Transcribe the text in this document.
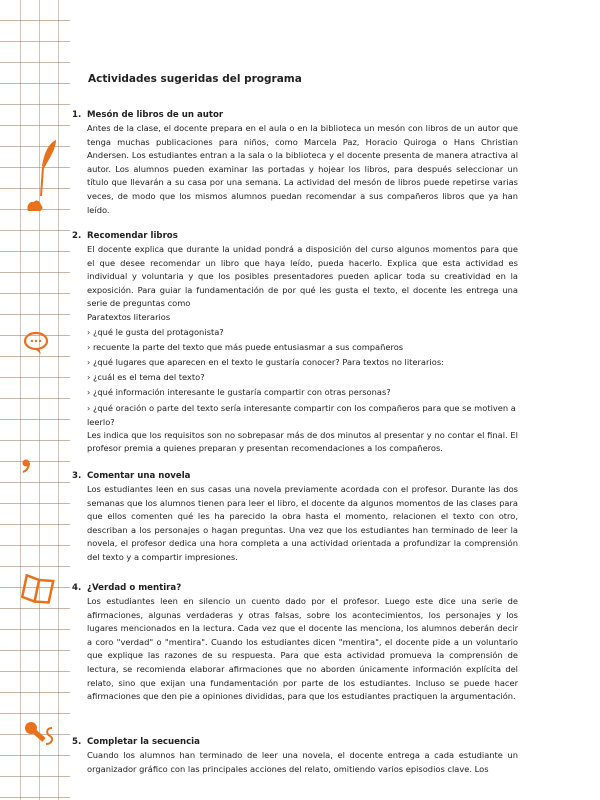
Actividades sugeridas del programa
1. Mesón de libros de un autor

Antes de la clase, el docente prepara en el aula o en la biblioteca un mesón con libros de un autor que tenga muchas publicaciones para niños, como Marcela Paz, Horacio Quiroga o Hans Christian Andersen. Los estudiantes entran a la sala o la biblioteca y el docente presenta de manera atractiva al autor. Los alumnos pueden examinar las portadas y hojear los libros, para después seleccionar un título que llevarán a su casa por una semana. La actividad del mesón de libros puede repetirse varias veces, de modo que los mismos alumnos puedan recomendar a sus compañeros libros que ya han leído.

2. Recomendar libros

El docente explica que durante la unidad pondrá a disposición del curso algunos momentos para que el que desee recomendar un libro que haya leído, pueda hacerlo. Explica que esta actividad es individual y voluntaria y que los posibles presentadores pueden aplicar toda su creatividad en la exposición. Para guiar la fundamentación de por qué les gusta el texto, el docente les entrega una serie de preguntas como

Paratextos literarios

› ¿qué le gusta del protagonista?

› recuente la parte del texto que más puede entusiasmar a sus compañeros

› ¿qué lugares que aparecen en el texto le gustaría conocer? Para textos no literarios:

› ¿cuál es el tema del texto?

› ¿qué información interesante le gustaría compartir con otras personas?

› ¿qué oración o parte del texto sería interesante compartir con los compañeros para que se motiven a leerlo?

Les indica que los requisitos son no sobrepasar más de dos minutos al presentar y no contar el final. El profesor premia a quienes preparan y presentan recomendaciones a los compañeros.

3. Comentar una novela

Los estudiantes leen en sus casas una novela previamente acordada con el profesor. Durante las dos semanas que los alumnos tienen para leer el libro, el docente da algunos momentos de las clases para que ellos comenten qué les ha parecido la obra hasta el momento, relacionen el texto con otro, describan a los personajes o hagan preguntas. Una vez que los estudiantes han terminado de leer la novela, el profesor dedica una hora completa a una actividad orientada a profundizar la comprensión del texto y a compartir impresiones.

4. ¿Verdad o mentira?

Los estudiantes leen en silencio un cuento dado por el profesor. Luego este dice una serie de afirmaciones, algunas verdaderas y otras falsas, sobre los acontecimientos, los personajes y los lugares mencionados en la lectura. Cada vez que el docente las menciona, los alumnos deberán decir a coro "verdad" o "mentira". Cuando los estudiantes dicen "mentira", el docente pide a un voluntario que explique las razones de su respuesta. Para que esta actividad promueva la comprensión de lectura, se recomienda elaborar afirmaciones que no aborden únicamente información explícita del relato, sino que exijan una fundamentación por parte de los estudiantes. Incluso se puede hacer afirmaciones que den pie a opiniones divididas, para que los estudiantes practiquen la argumentación.

5. Completar la secuencia

Cuando los alumnos han terminado de leer una novela, el docente entrega a cada estudiante un organizador gráfico con las principales acciones del relato, omitiendo varios episodios clave. Los
